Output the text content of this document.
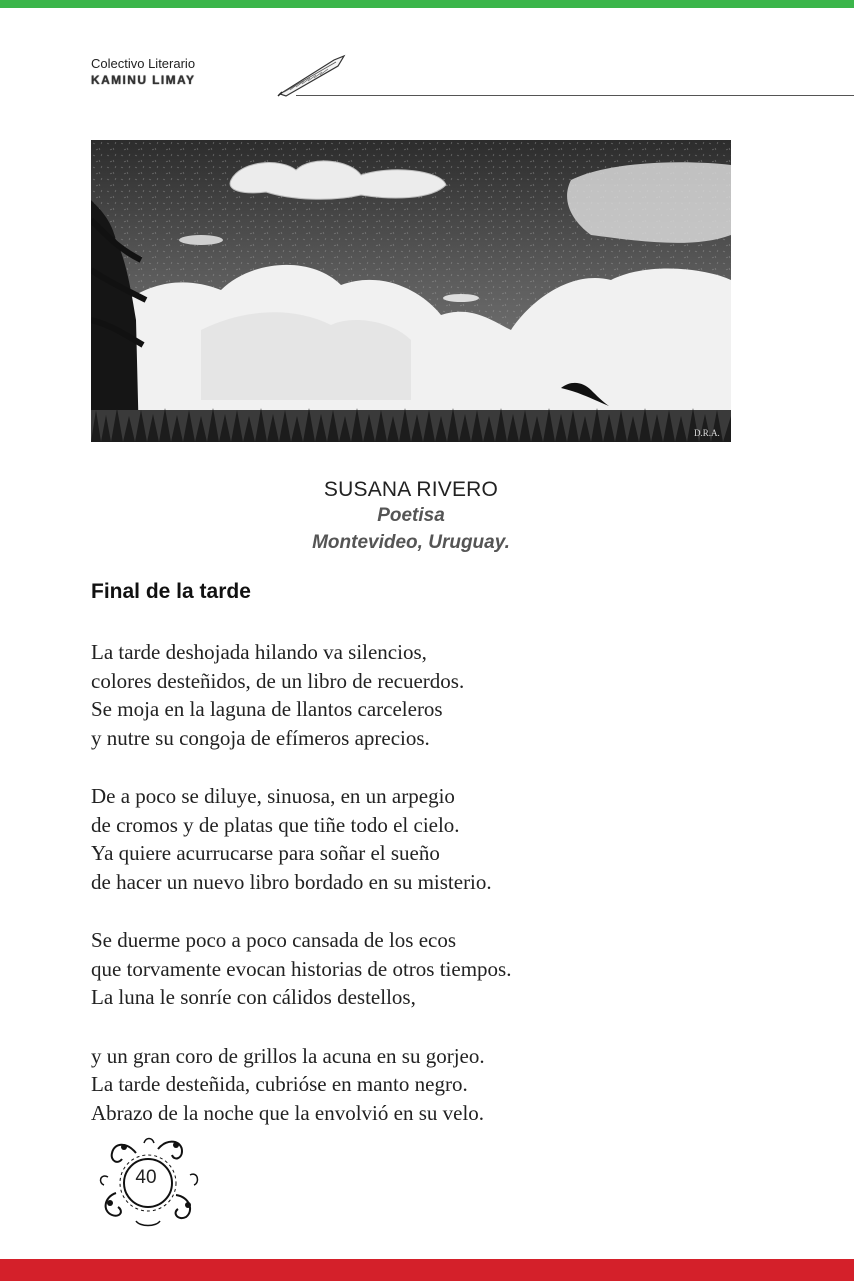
Colectivo Literario
KAMINU LIMAY
D.R.A.
SUSANA RIVERO
Poetisa
Montevideo, Uruguay.
Final de la tarde
La tarde deshojada hilando va silencios,
colores desteñidos, de un libro de recuerdos.
Se moja en la laguna de llantos carceleros
y nutre su congoja de efímeros aprecios.
De a poco se diluye, sinuosa, en un arpegio
de cromos y de platas que tiñe todo el cielo.
Ya quiere acurrucarse para soñar el sueño
de hacer un nuevo libro bordado en su misterio.
Se duerme poco a poco cansada de los ecos
que torvamente evocan historias de otros tiempos.
La luna le sonríe con cálidos destellos,
y un gran coro de grillos la acuna en su gorjeo.
La tarde desteñida, cubrióse en manto negro.
Abrazo de la noche que la envolvió en su velo.
40
